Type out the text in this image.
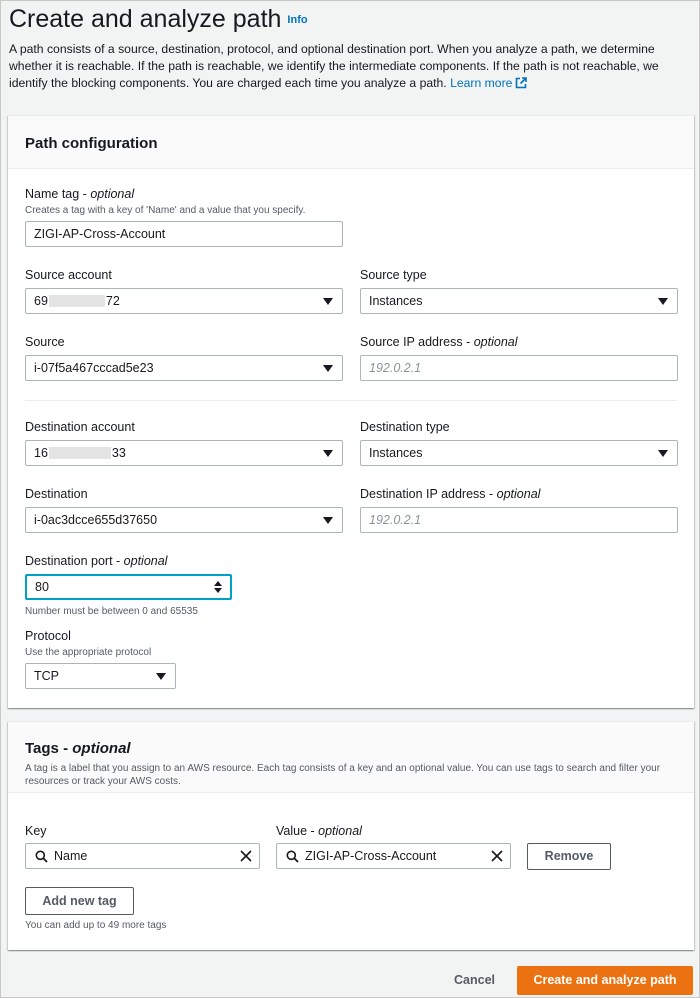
Create and analyze path Info
A path consists of a source, destination, protocol, and optional destination port. When you analyze a path, we determine whether it is reachable. If the path is reachable, we identify the intermediate components. If the path is not reachable, we identify the blocking components. You are charged each time you analyze a path. Learn more
Path configuration
Name tag - optional
Creates a tag with a key of 'Name' and a value that you specify.
ZIGI-AP-Cross-Account
Source account
69	72
Source type
Instances
Source
i-07f5a467cccad5e23
Source IP address - optional
192.0.2.1
Destination account
16	33
Destination type
Instances
Destination
i-0ac3dcce655d37650
Destination IP address - optional
192.0.2.1
Destination port - optional
80
Number must be between 0 and 65535
Protocol
Use the appropriate protocol
TCP
Tags - optional
A tag is a label that you assign to an AWS resource. Each tag consists of a key and an optional value. You can use tags to search and filter your resources or track your AWS costs.
Key
Name
Value - optional
ZIGI-AP-Cross-Account	Remove
Add new tag
You can add up to 49 more tags
Cancel	Create and analyze path
